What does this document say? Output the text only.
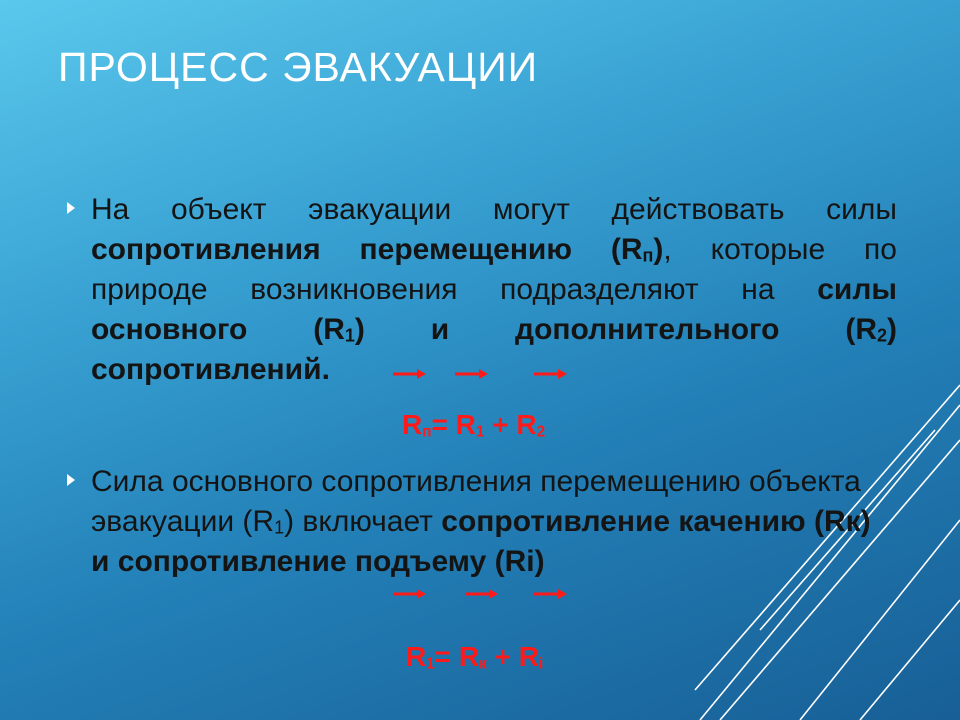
ПРОЦЕСС ЭВАКУАЦИИ

На объект эвакуации могут действовать силы сопротивления перемещению (Rп), которые по природе возникновения подразделяют на силы основного (R1) и дополнительного (R2) сопротивлений.

Rп= R1 + R2

Сила основного сопротивления перемещению объекта эвакуации (R1) включает сопротивление качению (Rк) и сопротивление подъему (Ri)

R1= Rк + Ri
